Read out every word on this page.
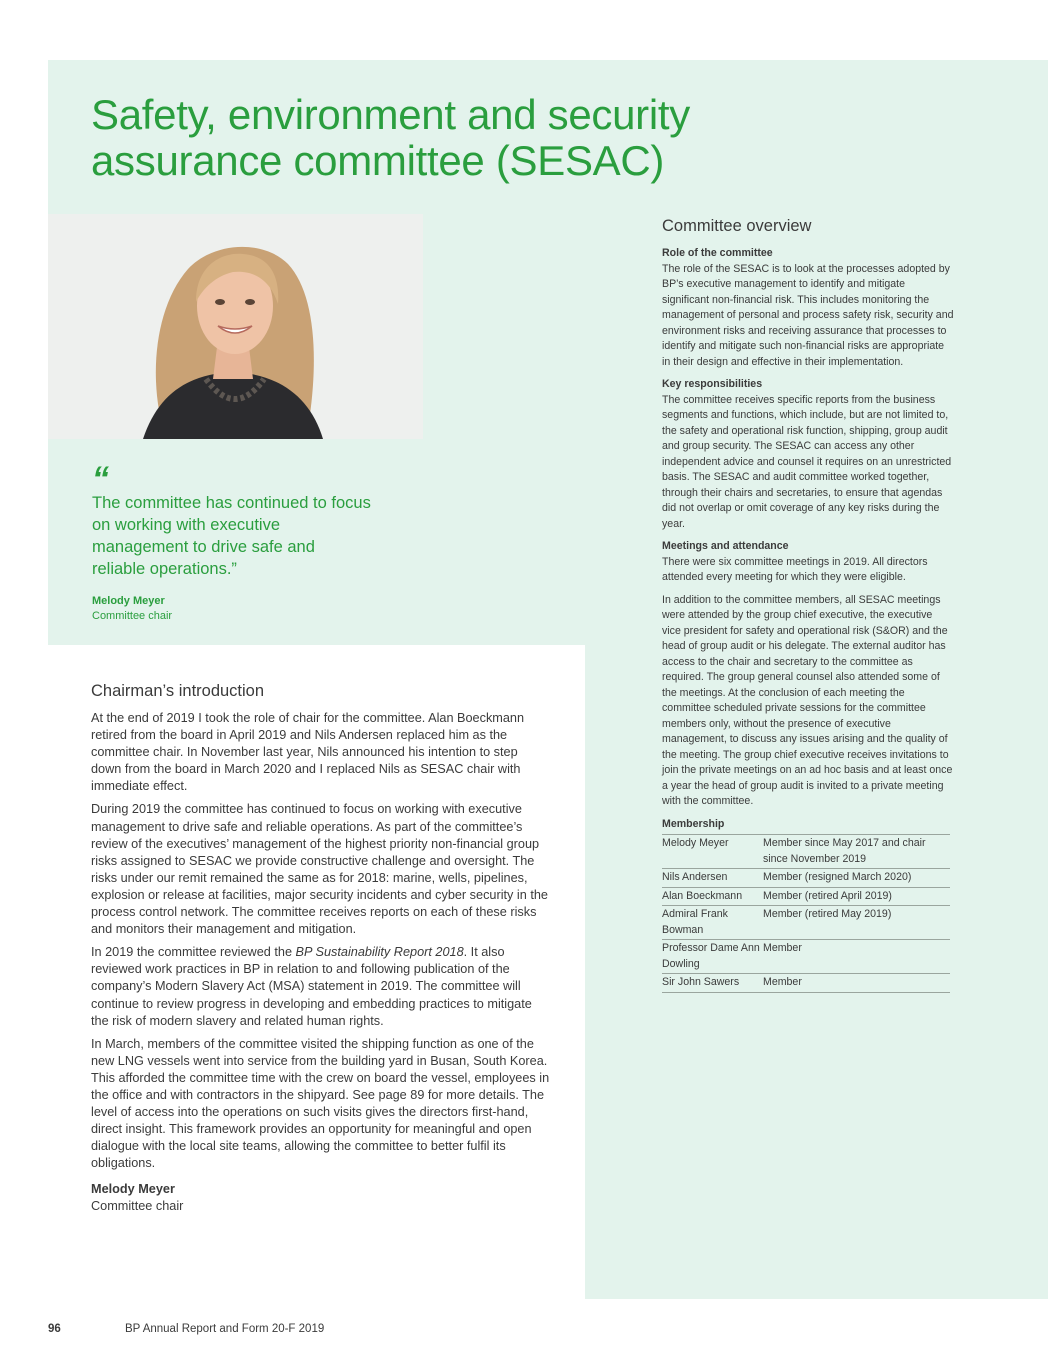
Safety, environment and security assurance committee (SESAC)
“
The committee has continued to focus on working with executive management to drive safe and reliable operations.”
Melody Meyer
Committee chair
Chairman’s introduction

At the end of 2019 I took the role of chair for the committee. Alan Boeckmann retired from the board in April 2019 and Nils Andersen replaced him as the committee chair. In November last year, Nils announced his intention to step down from the board in March 2020 and I replaced Nils as SESAC chair with immediate effect.

During 2019 the committee has continued to focus on working with executive management to drive safe and reliable operations. As part of the committee’s review of the executives’ management of the highest priority non-financial group risks assigned to SESAC we provide constructive challenge and oversight. The risks under our remit remained the same as for 2018: marine, wells, pipelines, explosion or release at facilities, major security incidents and cyber security in the process control network. The committee receives reports on each of these risks and monitors their management and mitigation.

In 2019 the committee reviewed the BP Sustainability Report 2018. It also reviewed work practices in BP in relation to and following publication of the company’s Modern Slavery Act (MSA) statement in 2019. The committee will continue to review progress in developing and embedding practices to mitigate the risk of modern slavery and related human rights.

In March, members of the committee visited the shipping function as one of the new LNG vessels went into service from the building yard in Busan, South Korea. This afforded the committee time with the crew on board the vessel, employees in the office and with contractors in the shipyard. See page 89 for more details. The level of access into the operations on such visits gives the directors first-hand, direct insight. This framework provides an opportunity for meaningful and open dialogue with the local site teams, allowing the committee to better fulfil its obligations.

Melody Meyer
Committee chair
Committee overview
Role of the committee

The role of the SESAC is to look at the processes adopted by BP’s executive management to identify and mitigate significant non-financial risk. This includes monitoring the management of personal and process safety risk, security and environment risks and receiving assurance that processes to identify and mitigate such non-financial risks are appropriate in their design and effective in their implementation.

Key responsibilities

The committee receives specific reports from the business segments and functions, which include, but are not limited to, the safety and operational risk function, shipping, group audit and group security. The SESAC can access any other independent advice and counsel it requires on an unrestricted basis. The SESAC and audit committee worked together, through their chairs and secretaries, to ensure that agendas did not overlap or omit coverage of any key risks during the year.

Meetings and attendance

There were six committee meetings in 2019. All directors attended every meeting for which they were eligible.

In addition to the committee members, all SESAC meetings were attended by the group chief executive, the executive vice president for safety and operational risk (S&OR) and the head of group audit or his delegate. The external auditor has access to the chair and secretary to the committee as required. The group general counsel also attended some of the meetings. At the conclusion of each meeting the committee scheduled private sessions for the committee members only, without the presence of executive management, to discuss any issues arising and the quality of the meeting. The group chief executive receives invitations to join the private meetings on an ad hoc basis and at least once a year the head of group audit is invited to a private meeting with the committee.

Membership
Melody Meyer	Member since May 2017 and chair since November 2019
Nils Andersen	Member (resigned March 2020)
Alan Boeckmann	Member (retired April 2019)
Admiral Frank Bowman	Member (retired May 2019)
Professor Dame Ann Dowling	Member
Sir John Sawers	Member
96	BP Annual Report and Form 20-F 2019
